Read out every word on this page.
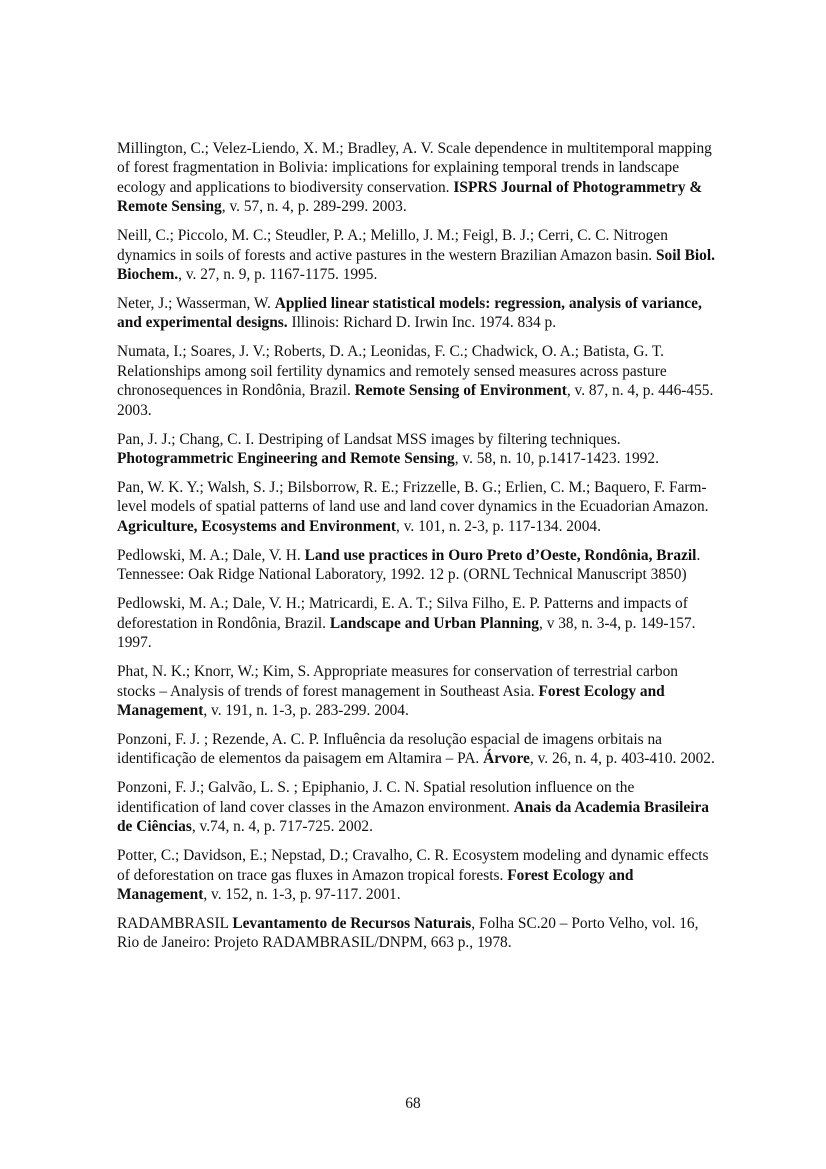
Millington, C.; Velez-Liendo, X. M.; Bradley, A. V. Scale dependence in multitemporal mapping of forest fragmentation in Bolivia: implications for explaining temporal trends in landscape ecology and applications to biodiversity conservation. ISPRS Journal of Photogrammetry & Remote Sensing, v. 57, n. 4, p. 289-299. 2003.

Neill, C.; Piccolo, M. C.; Steudler, P. A.; Melillo, J. M.; Feigl, B. J.; Cerri, C. C. Nitrogen dynamics in soils of forests and active pastures in the western Brazilian Amazon basin. Soil Biol. Biochem., v. 27, n. 9, p. 1167-1175. 1995.

Neter, J.; Wasserman, W. Applied linear statistical models: regression, analysis of variance, and experimental designs. Illinois: Richard D. Irwin Inc. 1974. 834 p.

Numata, I.; Soares, J. V.; Roberts, D. A.; Leonidas, F. C.; Chadwick, O. A.; Batista, G. T. Relationships among soil fertility dynamics and remotely sensed measures across pasture chronosequences in Rondônia, Brazil. Remote Sensing of Environment, v. 87, n. 4, p. 446-455. 2003.

Pan, J. J.; Chang, C. I. Destriping of Landsat MSS images by filtering techniques. Photogrammetric Engineering and Remote Sensing, v. 58, n. 10, p.1417-1423. 1992.

Pan, W. K. Y.; Walsh, S. J.; Bilsborrow, R. E.; Frizzelle, B. G.; Erlien, C. M.; Baquero, F. Farm-level models of spatial patterns of land use and land cover dynamics in the Ecuadorian Amazon. Agriculture, Ecosystems and Environment, v. 101, n. 2-3, p. 117-134. 2004.

Pedlowski, M. A.; Dale, V. H. Land use practices in Ouro Preto d’Oeste, Rondônia, Brazil. Tennessee: Oak Ridge National Laboratory, 1992. 12 p. (ORNL Technical Manuscript 3850)

Pedlowski, M. A.; Dale, V. H.; Matricardi, E. A. T.; Silva Filho, E. P. Patterns and impacts of deforestation in Rondônia, Brazil. Landscape and Urban Planning, v 38, n. 3-4, p. 149-157. 1997.

Phat, N. K.; Knorr, W.; Kim, S. Appropriate measures for conservation of terrestrial carbon stocks – Analysis of trends of forest management in Southeast Asia. Forest Ecology and Management, v. 191, n. 1-3, p. 283-299. 2004.

Ponzoni, F. J. ; Rezende, A. C. P. Influência da resolução espacial de imagens orbitais na identificação de elementos da paisagem em Altamira – PA. Árvore, v. 26, n. 4, p. 403-410. 2002.

Ponzoni, F. J.; Galvão, L. S. ; Epiphanio, J. C. N. Spatial resolution influence on the identification of land cover classes in the Amazon environment. Anais da Academia Brasileira de Ciências, v.74, n. 4, p. 717-725. 2002.

Potter, C.; Davidson, E.; Nepstad, D.; Cravalho, C. R. Ecosystem modeling and dynamic effects of deforestation on trace gas fluxes in Amazon tropical forests. Forest Ecology and Management, v. 152, n. 1-3, p. 97-117. 2001.

RADAMBRASIL Levantamento de Recursos Naturais, Folha SC.20 – Porto Velho, vol. 16, Rio de Janeiro: Projeto RADAMBRASIL/DNPM, 663 p., 1978.

68
